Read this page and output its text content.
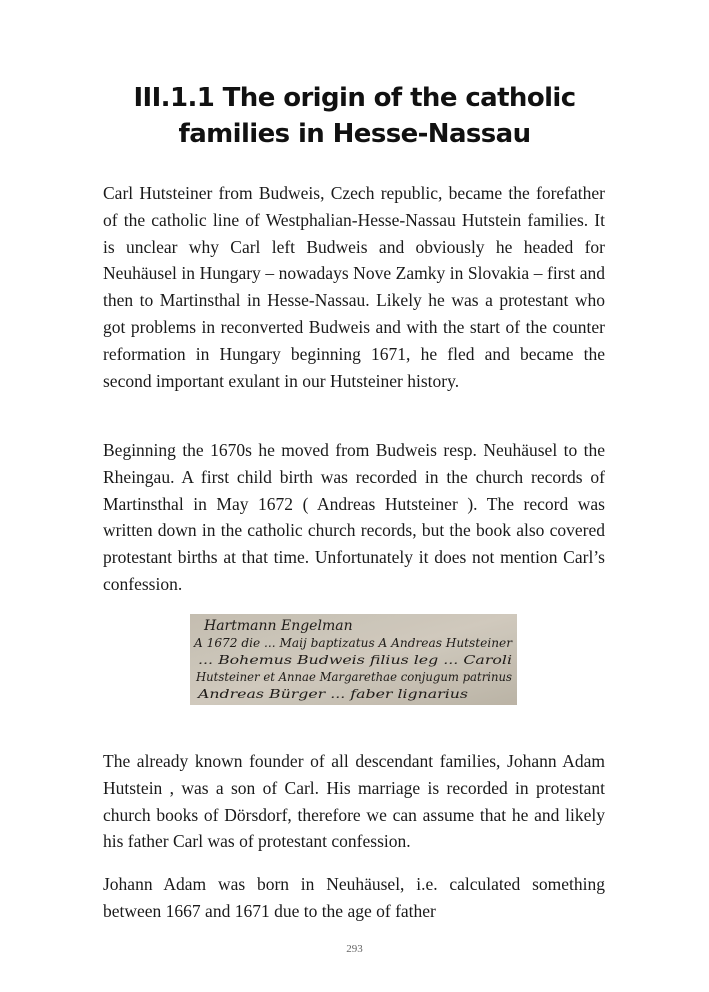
III.1.1 The origin of the catholic
families in Hesse-Nassau

Carl Hutsteiner from Budweis, Czech republic, became the forefather of the catholic line of Westphalian-Hesse-Nassau Hutstein families. It is unclear why Carl left Budweis and obviously he headed for Neuhäusel in Hungary – nowadays Nove Zamky in Slovakia – first and then to Martinsthal in Hesse-Nassau. Likely he was a protestant who got problems in reconverted Budweis and with the start of the counter reformation in Hungary beginning 1671, he fled and became the second important exulant in our Hutsteiner history.

Beginning the 1670s he moved from Budweis resp. Neuhäusel to the Rheingau. A first child birth was recorded in the church records of Martinsthal in May 1672 ( Andreas Hutsteiner ). The record was written down in the catholic church records, but the book also covered protestant births at that time. Unfortunately it does not mention Carl’s confession.

Hartmann Engelman
A 1672 die ... Maij baptizatus A Andreas Hutsteiner
... Bohemus Budweis filius leg ... Caroli
Hutsteiner et Annae Margarethae conjugum patrinus
Andreas Bürger ... faber lignarius

The already known founder of all descendant families, Johann Adam Hutstein , was a son of Carl. His marriage is recorded in protestant church books of Dörsdorf, therefore we can assume that he and likely his father Carl was of protestant confession.

Johann Adam was born in Neuhäusel, i.e. calculated something between 1667 and 1671 due to the age of father

293
